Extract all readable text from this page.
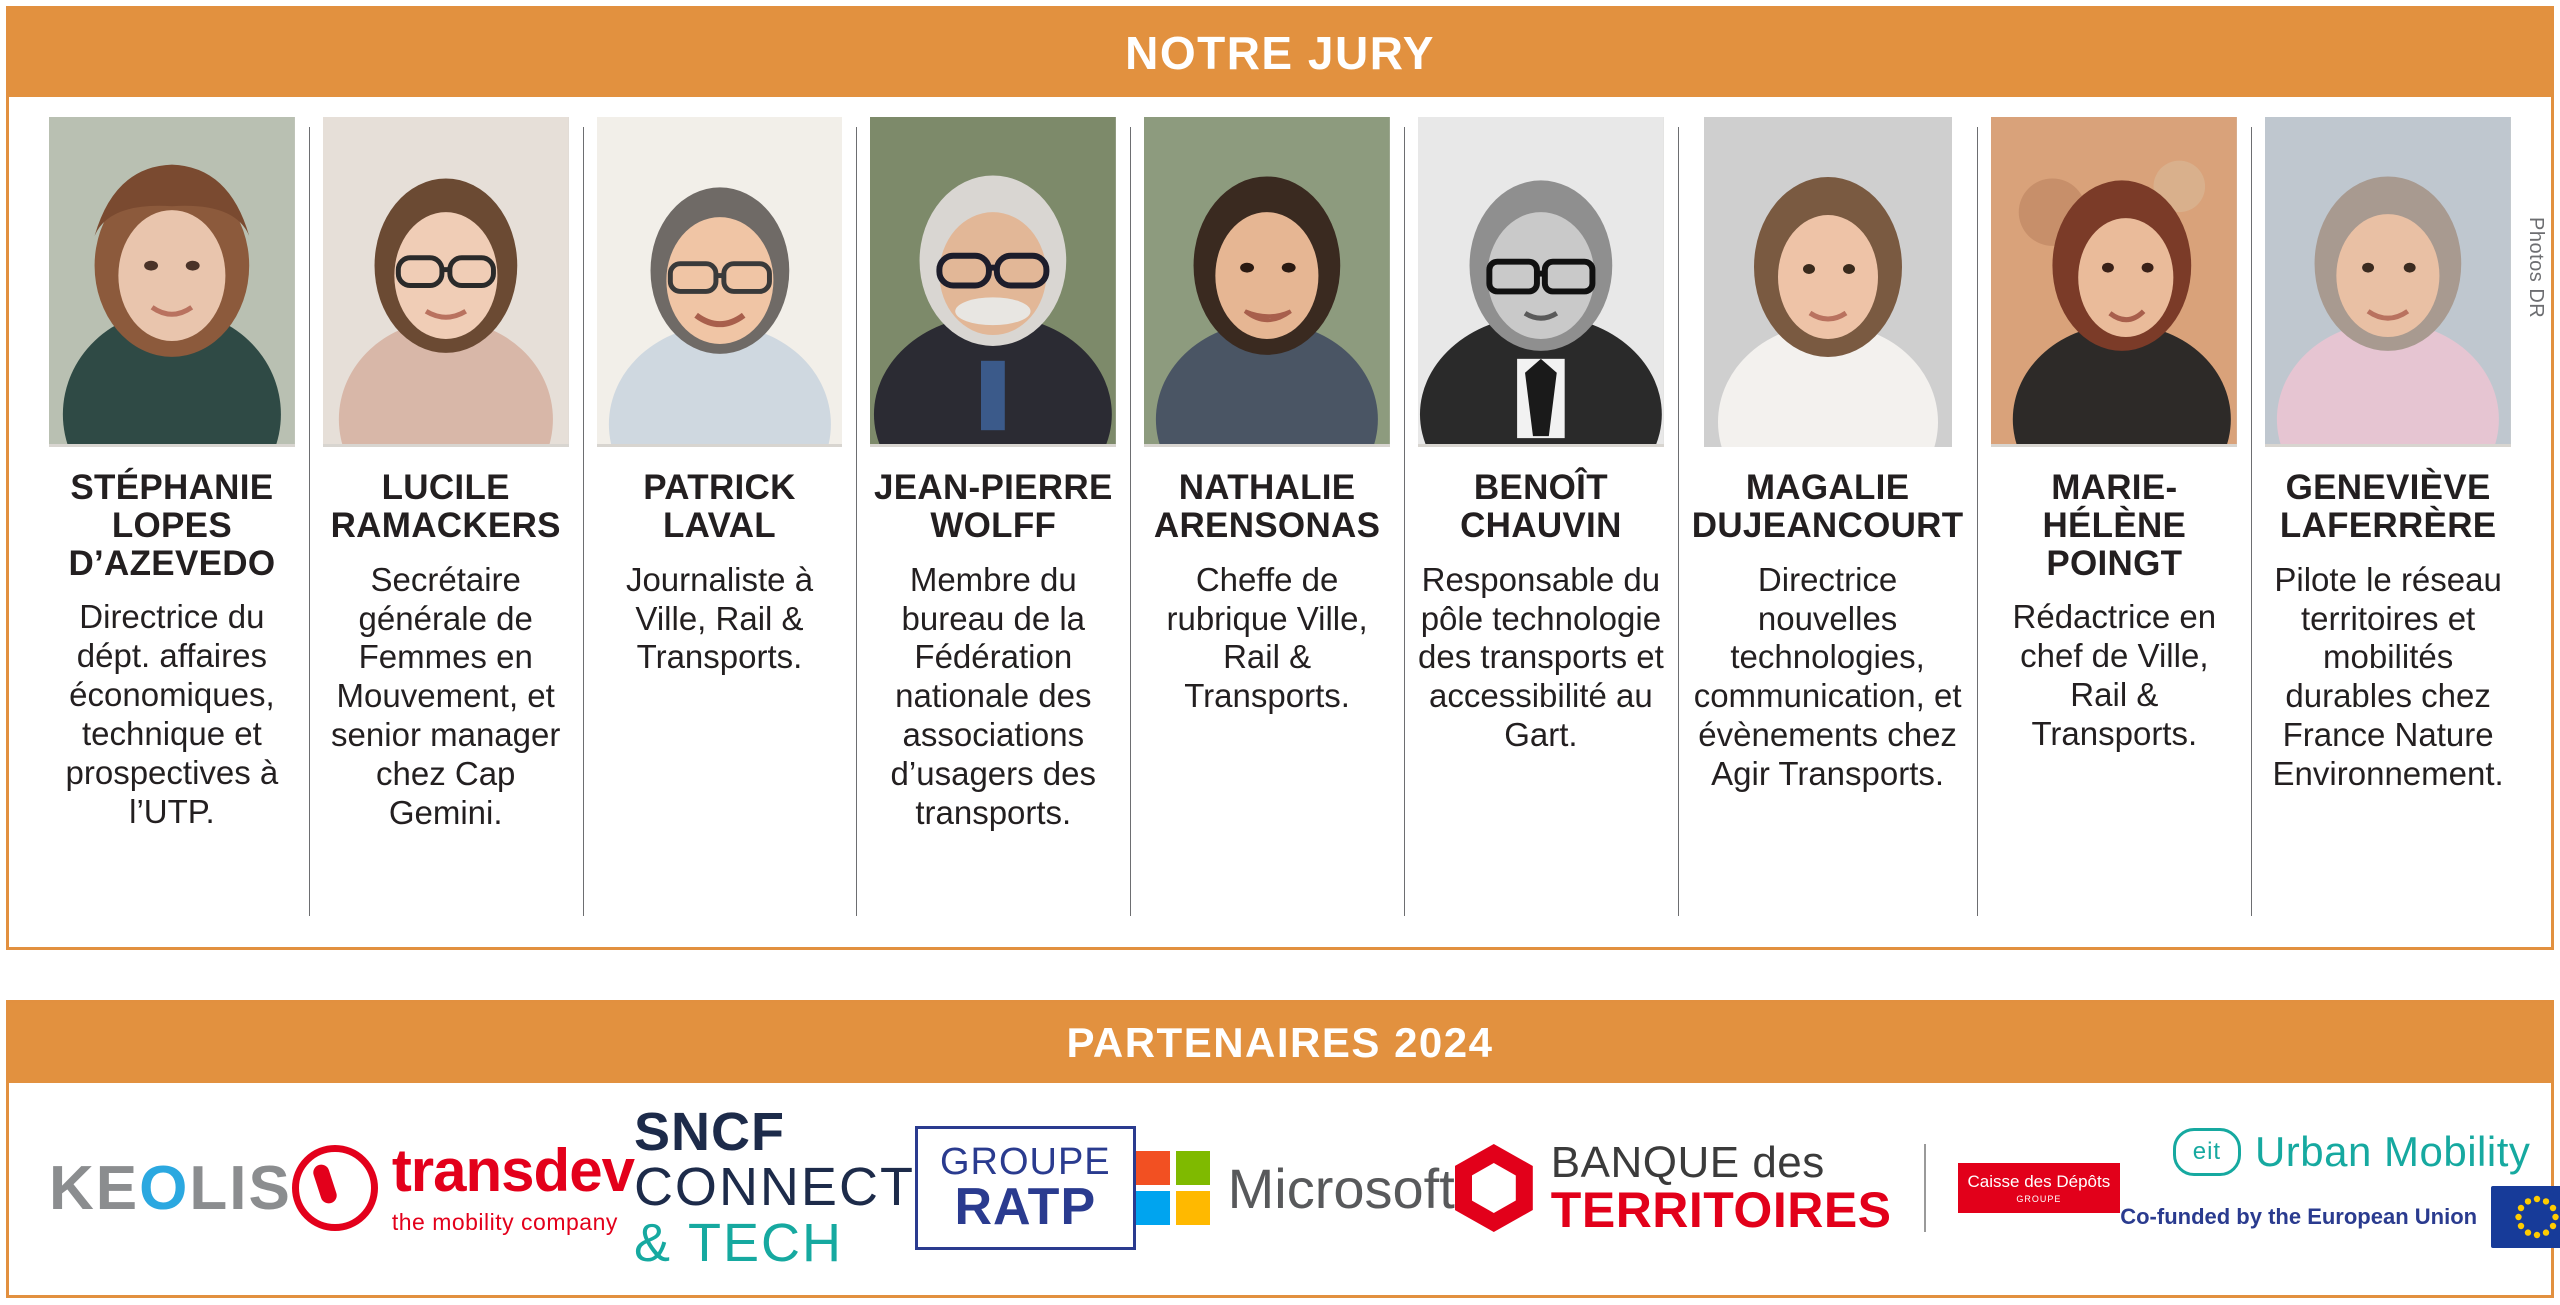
NOTRE JURY
STÉPHANIE LOPES D’AZEVEDO
Directrice du dépt. affaires économiques, technique et prospectives à l’UTP.
LUCILE RAMACKERS
Secrétaire générale de Femmes en Mouvement, et senior manager chez Cap Gemini.
PATRICK LAVAL
Journaliste à Ville, Rail & Transports.
JEAN-PIERRE WOLFF
Membre du bureau de la Fédération nationale des associations d’usagers des transports.
NATHALIE ARENSONAS
Cheffe de rubrique Ville, Rail & Transports.
BENOÎT CHAUVIN
Responsable du pôle technologie des transports et accessibilité au Gart.
MAGALIE DUJEANCOURT
Directrice nouvelles technologies, communication, et évènements chez Agir Transports.
MARIE-HÉLÈNE POINGT
Rédactrice en chef de Ville, Rail & Transports.
GENEVIÈVE LAFERRÈRE
Pilote le réseau territoires et mobilités durables chez France Nature Environnement.
Photos DR
PARTENAIRES 2024
KE O LIS transdev
the mobility company
SNCF
CONNECT
& TECH
GROUPE
RATP Microsoft BANQUE des
TERRITOIRES
Caisse des Dépôts
GROUPE
eit Urban Mobility
Co-funded by the European Union
